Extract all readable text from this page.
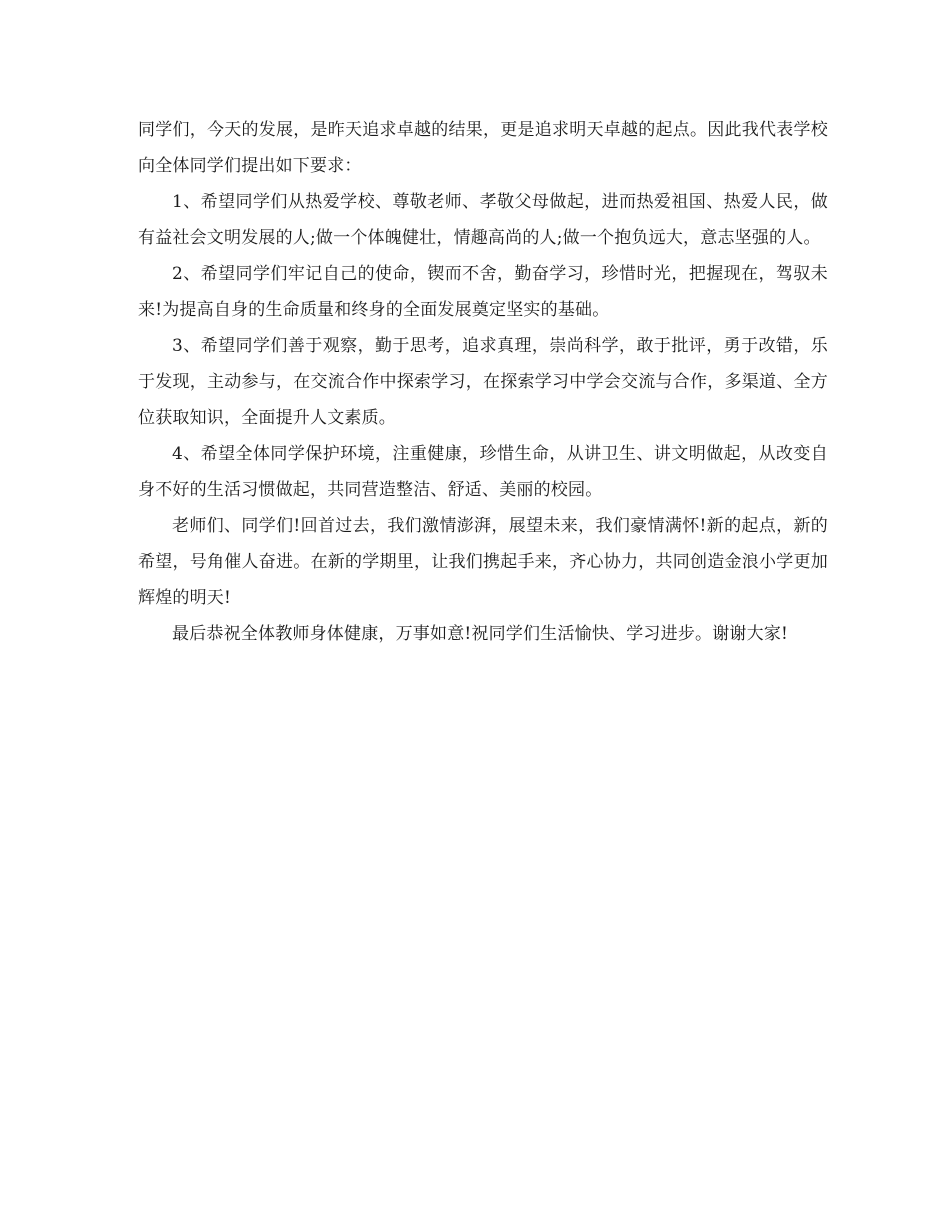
同学们，今天的发展，是昨天追求卓越的结果，更是追求明天卓越的起点。因此我代表学校向全体同学们提出如下要求：

1、希望同学们从热爱学校、尊敬老师、孝敬父母做起，进而热爱祖国、热爱人民，做有益社会文明发展的人;做一个体魄健壮，情趣高尚的人;做一个抱负远大，意志坚强的人。

2、希望同学们牢记自己的使命，锲而不舍，勤奋学习，珍惜时光，把握现在，驾驭未来!为提高自身的生命质量和终身的全面发展奠定坚实的基础。

3、希望同学们善于观察，勤于思考，追求真理，崇尚科学，敢于批评，勇于改错，乐于发现，主动参与，在交流合作中探索学习，在探索学习中学会交流与合作，多渠道、全方位获取知识，全面提升人文素质。

4、希望全体同学保护环境，注重健康，珍惜生命，从讲卫生、讲文明做起，从改变自身不好的生活习惯做起，共同营造整洁、舒适、美丽的校园。

老师们、同学们!回首过去，我们激情澎湃，展望未来，我们豪情满怀!新的起点，新的希望，号角催人奋进。在新的学期里，让我们携起手来，齐心协力，共同创造金浪小学更加辉煌的明天!

最后恭祝全体教师身体健康，万事如意!祝同学们生活愉快、学习进步。谢谢大家!
